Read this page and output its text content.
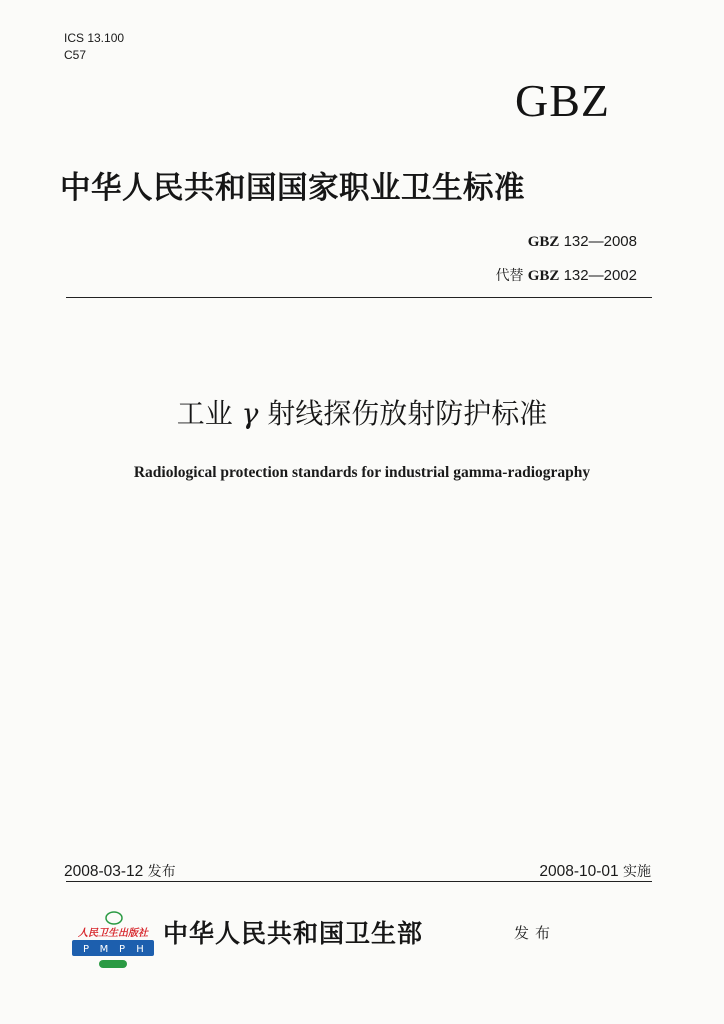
ICS 13.100
C57
GBZ
中华人民共和国国家职业卫生标准
GBZ 132—2008
代替 GBZ 132—2002
工业 γ 射线探伤放射防护标准
Radiological protection standards for industrial gamma-radiography
2008-03-12 发布	2008-10-01 实施
人民卫生出版社
P M P H
中华人民共和国卫生部	发布
